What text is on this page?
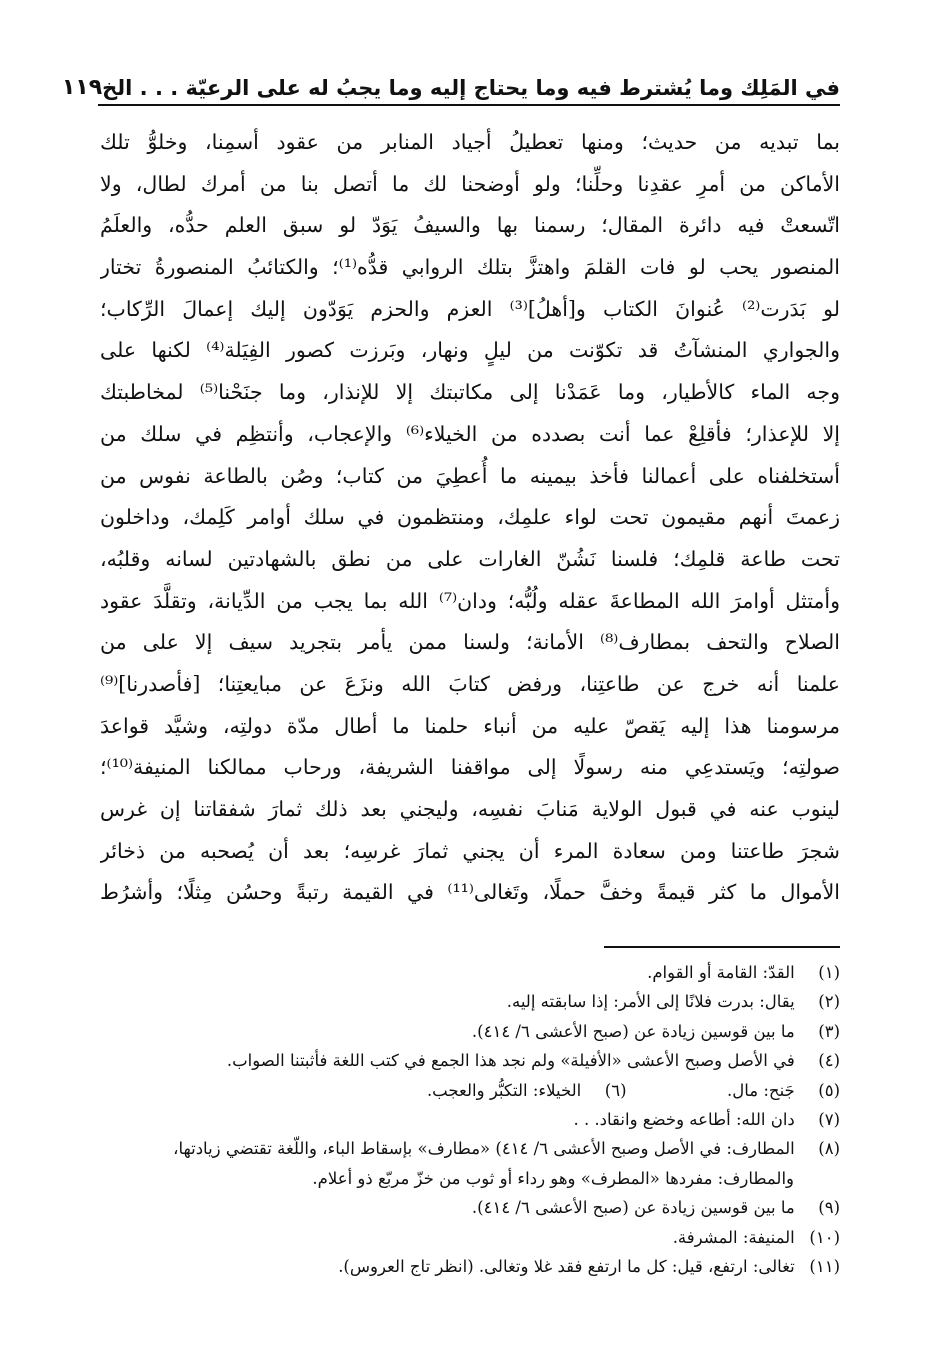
في المَلِك وما يُشترط فيه وما يحتاج إليه وما يجبُ له على الرعيّة . . . الخ
١١٩
بما تبديه من حديث؛ ومنها تعطيلُ أجياد المنابر من عقود أسمِنا، وخلوُّ تلك
الأماكن من أمرِ عقدِنا وحلِّنا؛ ولو أوضحنا لك ما أتصل بنا من أمرك لطال، ولا
اتّسعتْ فيه دائرة المقال؛ رسمنا بها والسيفُ يَوَدّ لو سبق العلم حدُّه، والعلَمُ
المنصور يحب لو فات القلمَ واهتزَّ بتلك الروابي قدُّه⁽¹⁾؛ والكتائبُ المنصورةُ تختار
لو بَدَرت⁽²⁾ عُنوانَ الكتاب و[أهلُ]⁽³⁾ العزم والحزم يَوَدّون إليك إعمالَ الرِّكاب؛
والجواري المنشآتُ قد تكوّنت من ليلٍ ونهار، وبَرزت كصور الفِيَلة⁽⁴⁾ لكنها على
وجه الماء كالأطيار، وما عَمَدْنا إلى مكاتبتك إلا للإنذار، وما جنَحْنا⁽⁵⁾ لمخاطبتك
إلا للإعذار؛ فأقلِعْ عما أنت بصدده من الخيلاء⁽⁶⁾ والإعجاب، وأنتظِم في سلك من
أستخلفناه على أعمالنا فأخذ بيمينه ما أُعطِيَ من كتاب؛ وصُن بالطاعة نفوس من
زعمتَ أنهم مقيمون تحت لواء علمِك، ومنتظمون في سلك أوامر كَلِمك، وداخلون
تحت طاعة قلمِك؛ فلسنا نَشُنّ الغارات على من نطق بالشهادتين لسانه وقلبُه،
وأمتثل أوامرَ الله المطاعةَ عقله ولُبُّه؛ ودان⁽⁷⁾ الله بما يجب من الدِّيانة، وتقلَّدَ عقود
الصلاح والتحف بمطارف⁽⁸⁾ الأمانة؛ ولسنا ممن يأمر بتجريد سيف إلا على من
علمنا أنه خرج عن طاعتِنا، ورفض كتابَ الله ونزَعَ عن مبايعتِنا؛ [فأصدرنا]⁽⁹⁾
مرسومنا هذا إليه يَقصّ عليه من أنباء حلمنا ما أطال مدّة دولتِه، وشيَّد قواعدَ
صولتِه؛ ويَستدعِي منه رسولًا إلى مواقفنا الشريفة، ورحاب ممالكنا المنيفة⁽¹⁰⁾؛
لينوب عنه في قبول الولاية مَنابَ نفسِه، وليجني بعد ذلك ثمارَ شفقاتنا إن غرس
شجرَ طاعتنا ومن سعادة المرء أن يجني ثمارَ غرسِه؛ بعد أن يُصحبه من ذخائر
الأموال ما كثر قيمةً وخفَّ حملًا، وتَغالى⁽¹¹⁾ في القيمة رتبةً وحسُن مِثلًا؛ وأشرُط
(١) القدّ: القامة أو القوام.
(٢) يقال: بدرت فلانًا إلى الأمر: إذا سابقته إليه.
(٣) ما بين قوسين زيادة عن (صبح الأعشى ٦/ ٤١٤).
(٤) في الأصل وصبح الأعشى «الأفيلة» ولم نجد هذا الجمع في كتب اللغة فأثبتنا الصواب.
(٥) جَنح: مال.  (٦) الخيلاء: التكبُّر والعجب.
(٧) دان الله: أطاعه وخضع وانقاد. . .
(٨) المطارف: في الأصل وصبح الأعشى ٦/ ٤١٤) «مطارف» بإسقاط الباء، واللّغة تقتضي زيادتها،
والمطارف: مفردها «المطرف» وهو رداء أو ثوب من خزّ مربّع ذو أعلام.
(٩) ما بين قوسين زيادة عن (صبح الأعشى ٦/ ٤١٤).
(١٠) المنيفة: المشرفة.
(١١) تغالى: ارتفع، قيل: كل ما ارتفع فقد غلا وتغالى. (انظر تاج العروس).
